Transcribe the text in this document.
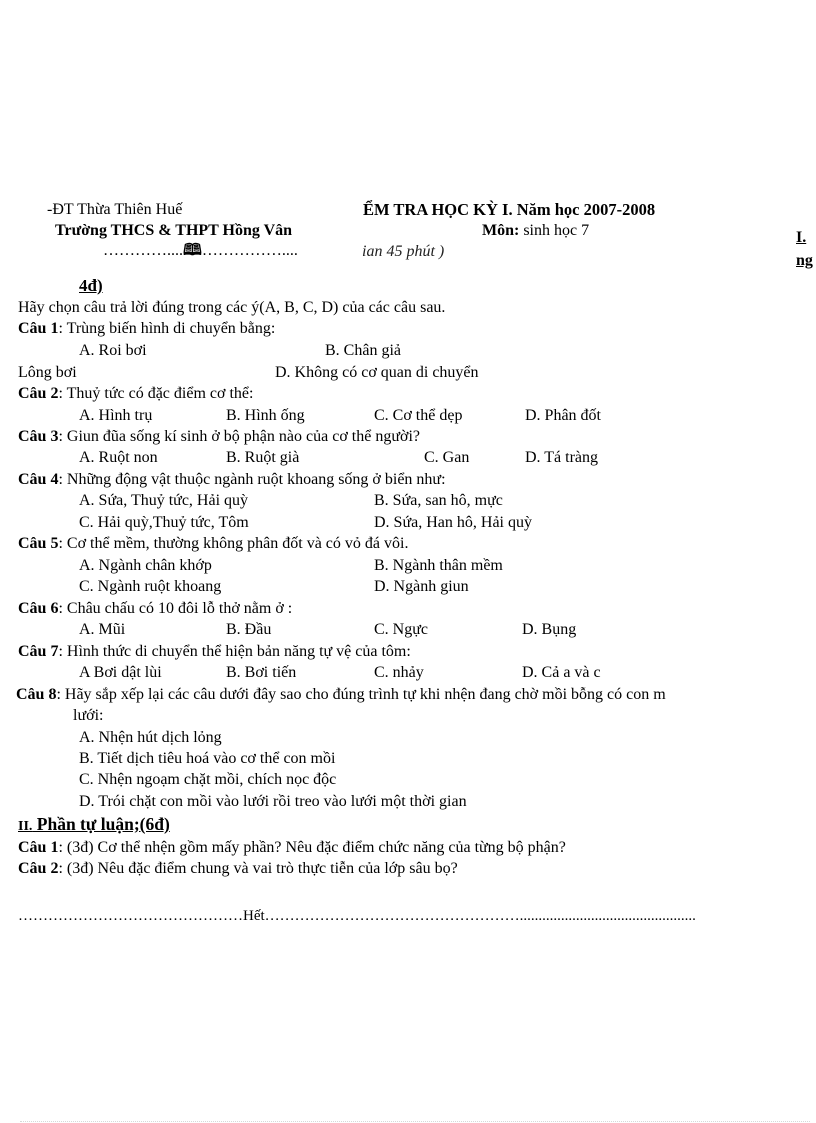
-ĐT Thừa Thiên Huế	ỂM TRA HỌC KỲ I. Năm học 2007-2008
Trường THCS & THPT Hồng Vân	Môn: sinh học 7
…………....🕮……………....	ian 45 phút )
I.
ng
4đ)
Hãy chọn câu trả lời đúng trong các ý(A, B, C, D) của các câu sau.
Câu 1: Trùng biến hình di chuyển bằng:
A. Roi bơi	B. Chân giả
Lông bơi	D. Không có cơ quan di chuyển
Câu 2: Thuỷ tức có đặc điểm cơ thể:
A. Hình trụ	B. Hình ống	C. Cơ thể dẹp	D. Phân đốt
Câu 3: Giun đũa sống kí sinh ở bộ phận nào của cơ thể người?
A. Ruột non	B. Ruột già	C. Gan	D. Tá tràng
Câu 4: Những động vật thuộc ngành ruột khoang sống ở biển như:
A. Sứa, Thuỷ tức, Hải quỳ	B. Sứa, san hô, mực
C. Hải quỳ,Thuỷ tức, Tôm	D. Sứa, Han hô, Hải quỳ
Câu 5: Cơ thể mềm, thường không phân đốt và có vỏ đá vôi.
A. Ngành chân khớp	B. Ngành thân mềm
C. Ngành ruột khoang	D. Ngành giun
Câu 6: Châu chấu có 10 đôi lỗ thở nằm ở :
A. Mũi	B. Đầu	C. Ngực	D. Bụng
Câu 7: Hình thức di chuyển thể hiện bản năng tự vệ của tôm:
A Bơi dật lùi	B. Bơi tiến	C. nhảy	D. Cả a và c
Câu 8: Hãy sắp xếp lại các câu dưới đây sao cho đúng trình tự khi nhện đang chờ mồi bỗng có con m
lưới:
A. Nhện hút dịch lỏng
B. Tiết dịch tiêu hoá vào cơ thể con mồi
C. Nhện ngoạm chặt mồi, chích nọc độc
D. Trói chặt con mồi vào lưới rồi treo vào lưới một thời gian
II. Phần tự luận;(6đ)
Câu 1: (3đ) Cơ thể nhện gồm mấy phần? Nêu đặc điểm chức năng của từng bộ phận?
Câu 2: (3đ) Nêu đặc điểm chung và vai trò thực tiễn của lớp sâu bọ?
………………………………………Hết……………………………………………...............................................
